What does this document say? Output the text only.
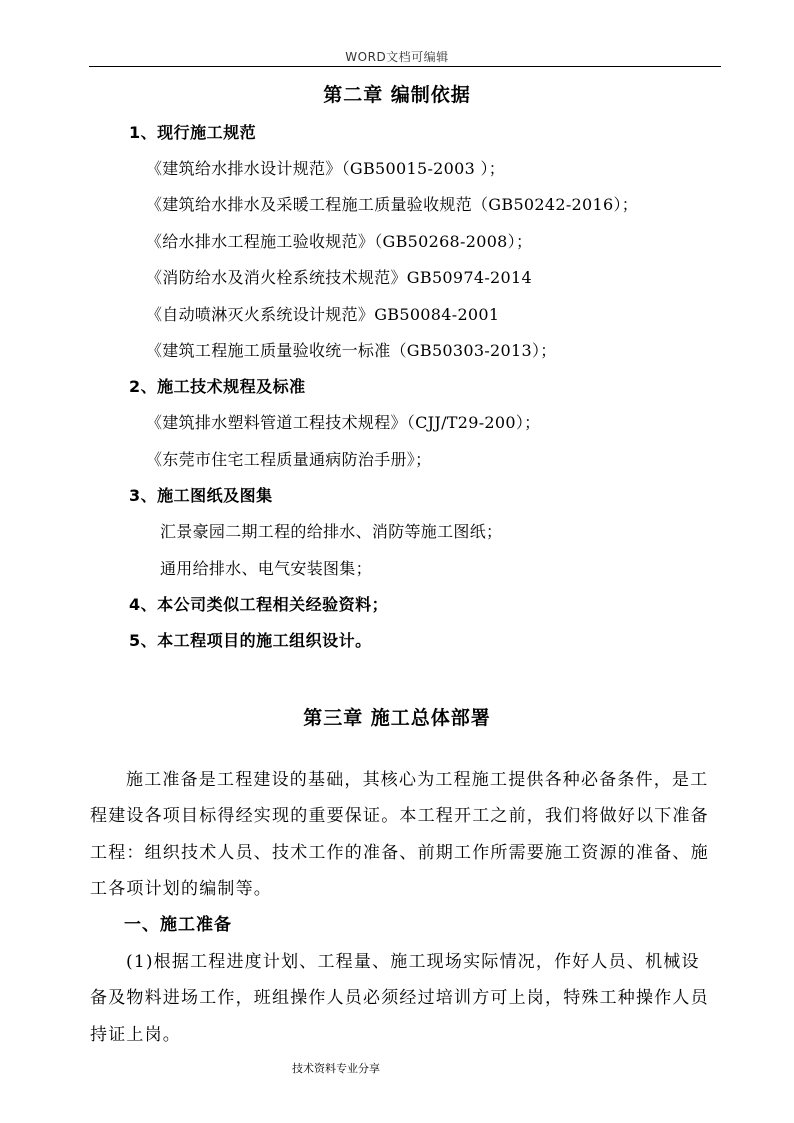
WORD文档可编辑
第二章 编制依据
1、现行施工规范
《建筑给水排水设计规范》（GB50015-2003 ）；
《建筑给水排水及采暖工程施工质量验收规范（GB50242-2016）；
《给水排水工程施工验收规范》（GB50268-2008）；
《消防给水及消火栓系统技术规范》GB50974-2014
《自动喷淋灭火系统设计规范》GB50084-2001
《建筑工程施工质量验收统一标准（GB50303-2013）；
2、施工技术规程及标准
《建筑排水塑料管道工程技术规程》（CJJ/T29-200）；
《东莞市住宅工程质量通病防治手册》；
3、施工图纸及图集
汇景豪园二期工程的给排水、消防等施工图纸；
通用给排水、电气安装图集；
4、本公司类似工程相关经验资料；
5、本工程项目的施工组织设计。
第三章 施工总体部署
施工准备是工程建设的基础，其核心为工程施工提供各种必备条件，是工
程建设各项目标得经实现的重要保证。本工程开工之前，我们将做好以下准备
工程：组织技术人员、技术工作的准备、前期工作所需要施工资源的准备、施
工各项计划的编制等。
一、施工准备
(1)根据工程进度计划、工程量、施工现场实际情况，作好人员、机械设
备及物料进场工作，班组操作人员必须经过培训方可上岗，特殊工种操作人员
持证上岗。
技术资料专业分享
